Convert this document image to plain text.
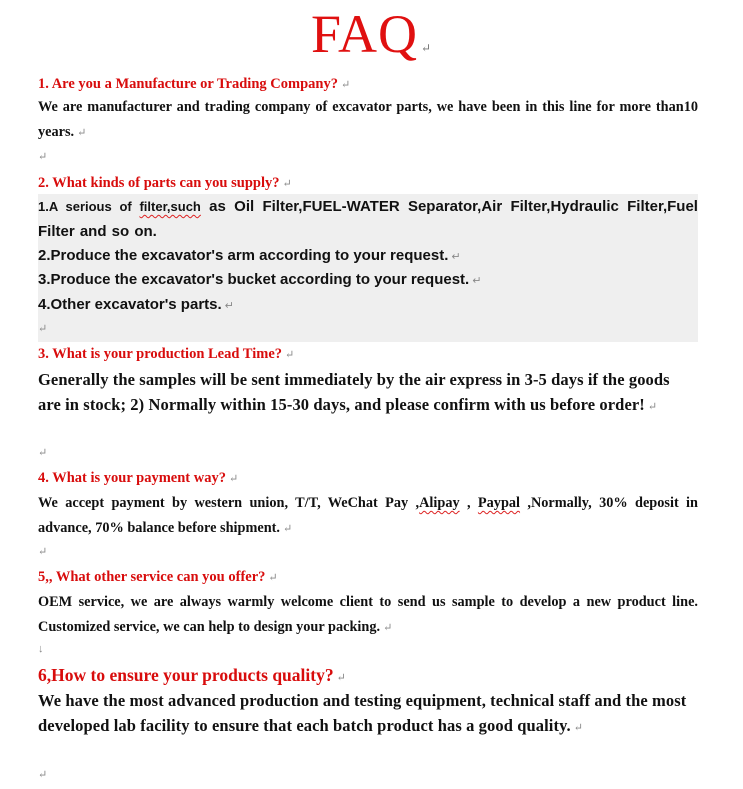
FAQ ↵
1. Are you a Manufacture or Trading Company? ↵
We are manufacturer and trading company of excavator parts, we have been in this line for more than10 years. ↵
↵
2. What kinds of parts can you supply? ↵
1.A serious of filter,such as Oil Filter,FUEL-WATER Separator,Air Filter,Hydraulic Filter,Fuel Filter and so on.
2.Produce the excavator's arm according to your request. ↵
3.Produce the excavator's bucket according to your request. ↵
4.Other excavator's parts. ↵
↵
3. What is your production Lead Time? ↵
Generally the samples will be sent immediately by the air express in 3-5 days if the goods are in stock; 2) Normally within 15-30 days, and please confirm with us before order! ↵
↵
4. What is your payment way? ↵
We accept payment by western union, T/T, WeChat Pay ,Alipay , Paypal ,Normally, 30% deposit in advance, 70% balance before shipment. ↵
↵
5,, What other service can you offer? ↵
OEM service, we are always warmly welcome client to send us sample to develop a new product line. Customized service, we can help to design your packing. ↵
↓
6,How to ensure your products quality? ↵
We have the most advanced production and testing equipment, technical staff and the most developed lab facility to ensure that each batch product has a good quality. ↵
↵
